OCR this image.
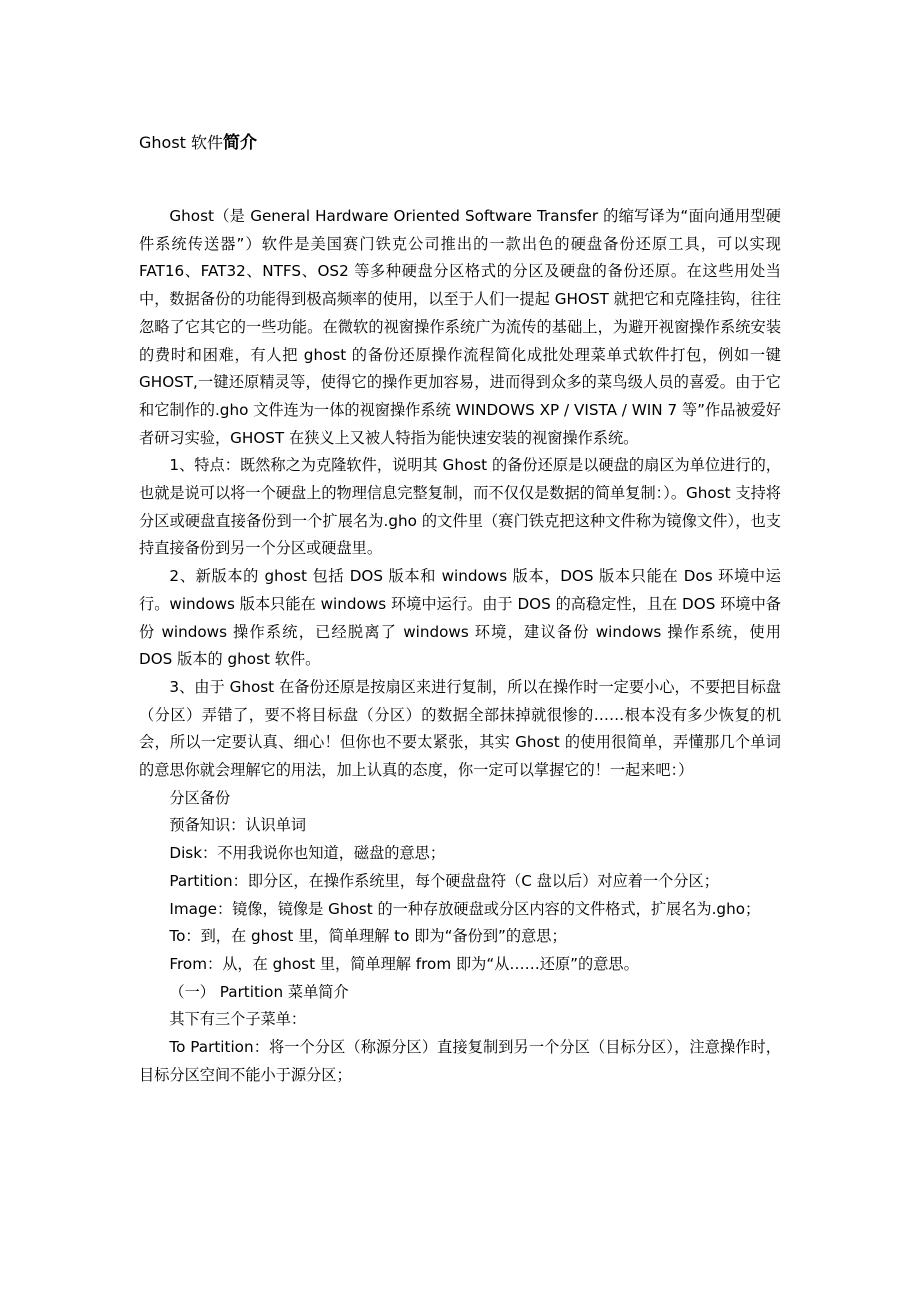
Ghost 软件简介

Ghost（是 General Hardware Oriented Software Transfer 的缩写译为“面向通用型硬件系统传送器”）软件是美国赛门铁克公司推出的一款出色的硬盘备份还原工具，可以实现 FAT16、FAT32、NTFS、OS2 等多种硬盘分区格式的分区及硬盘的备份还原。在这些用处当中，数据备份的功能得到极高频率的使用，以至于人们一提起 GHOST 就把它和克隆挂钩，往往忽略了它其它的一些功能。在微软的视窗操作系统广为流传的基础上，为避开视窗操作系统安装的费时和困难，有人把 ghost 的备份还原操作流程简化成批处理菜单式软件打包，例如一键 GHOST,一键还原精灵等，使得它的操作更加容易，进而得到众多的菜鸟级人员的喜爱。由于它和它制作的.gho 文件连为一体的视窗操作系统 WINDOWS XP / VISTA / WIN 7 等”作品被爱好者研习实验，GHOST 在狭义上又被人特指为能快速安装的视窗操作系统。

1、特点：既然称之为克隆软件，说明其 Ghost 的备份还原是以硬盘的扇区为单位进行的，也就是说可以将一个硬盘上的物理信息完整复制，而不仅仅是数据的简单复制：）。Ghost 支持将分区或硬盘直接备份到一个扩展名为.gho 的文件里（赛门铁克把这种文件称为镜像文件），也支持直接备份到另一个分区或硬盘里。

2、新版本的 ghost 包括 DOS 版本和 windows 版本，DOS 版本只能在 Dos 环境中运行。windows 版本只能在 windows 环境中运行。由于 DOS 的高稳定性，且在 DOS 环境中备份 windows 操作系统，已经脱离了 windows 环境，建议备份 windows 操作系统，使用 DOS 版本的 ghost 软件。

3、由于 Ghost 在备份还原是按扇区来进行复制，所以在操作时一定要小心，不要把目标盘（分区）弄错了，要不将目标盘（分区）的数据全部抹掉就很惨的……根本没有多少恢复的机会，所以一定要认真、细心！但你也不要太紧张，其实 Ghost 的使用很简单，弄懂那几个单词的意思你就会理解它的用法，加上认真的态度，你一定可以掌握它的！一起来吧：）

分区备份

预备知识：认识单词

Disk：不用我说你也知道，磁盘的意思；

Partition：即分区，在操作系统里，每个硬盘盘符（C 盘以后）对应着一个分区；

Image：镜像，镜像是 Ghost 的一种存放硬盘或分区内容的文件格式，扩展名为.gho；

To：到，在 ghost 里，简单理解 to 即为“备份到”的意思；

From：从，在 ghost 里，简单理解 from 即为“从……还原”的意思。

（一） Partition 菜单简介

其下有三个子菜单：

To Partition：将一个分区（称源分区）直接复制到另一个分区（目标分区），注意操作时，目标分区空间不能小于源分区；
